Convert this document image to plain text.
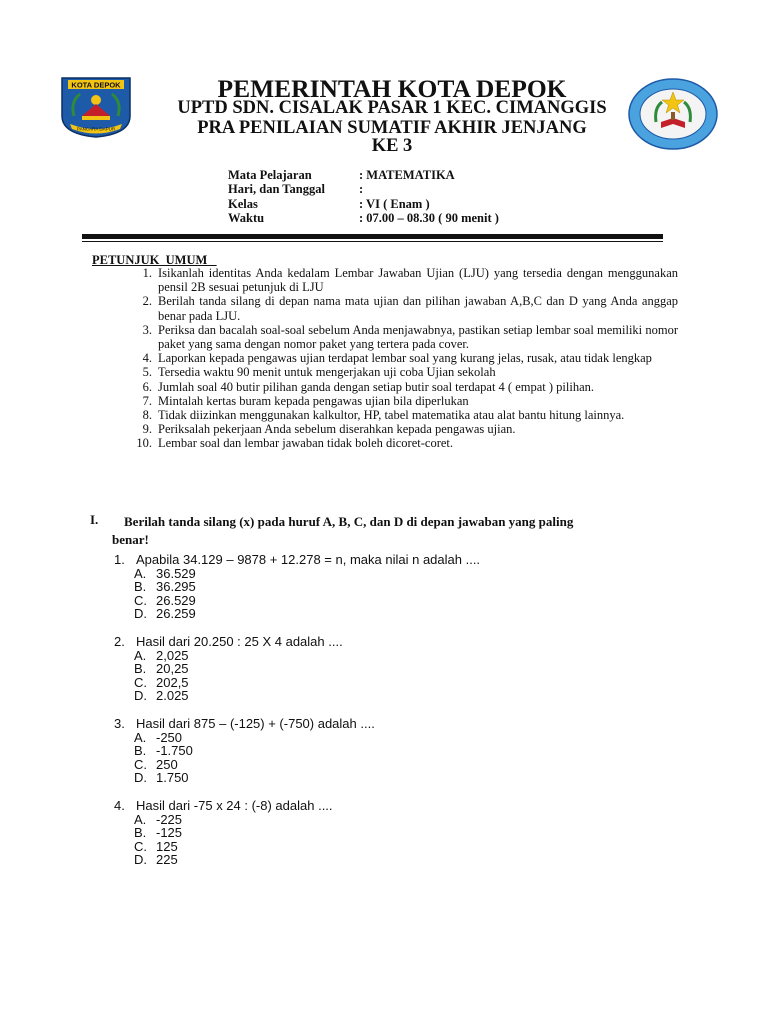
KOTA DEPOK
PANCARA DAPUR
PEMERINTAH KOTA DEPOK
UPTD SDN. CISALAK PASAR 1 KEC. CIMANGGIS
PRA PENILAIAN SUMATIF AKHIR JENJANG
KE 3
Mata Pelajaran	: MATEMATIKA
Hari, dan Tanggal	:
Kelas	: VI ( Enam )
Waktu	: 07.00 – 08.30 ( 90 menit )
PETUNJUK  UMUM
1. Isikanlah identitas Anda kedalam Lembar Jawaban Ujian (LJU) yang tersedia dengan menggunakan pensil 2B sesuai petunjuk di LJU
2. Berilah tanda silang di depan nama mata ujian dan pilihan jawaban A,B,C dan D yang Anda anggap benar pada LJU.
3. Periksa dan bacalah soal-soal sebelum Anda menjawabnya, pastikan setiap lembar soal memiliki nomor paket yang sama dengan nomor paket yang tertera pada cover.
4. Laporkan kepada pengawas ujian terdapat lembar soal yang kurang jelas, rusak, atau tidak lengkap
5. Tersedia waktu 90 menit untuk mengerjakan uji coba Ujian sekolah
6. Jumlah soal 40 butir pilihan ganda dengan setiap butir soal terdapat 4 ( empat ) pilihan.
7. Mintalah kertas buram kepada pengawas ujian bila diperlukan
8. Tidak diizinkan menggunakan kalkultor, HP, tabel matematika atau alat bantu hitung lainnya.
9. Periksalah pekerjaan Anda sebelum diserahkan kepada pengawas ujian.
10. Lembar soal dan lembar jawaban tidak boleh dicoret-coret.
I. Berilah tanda silang (x) pada huruf A, B, C, dan D di depan jawaban yang paling
benar!
1. Apabila 34.129 – 9878 + 12.278 = n, maka nilai n adalah ....
A. 36.529
B. 36.295
C. 26.529
D. 26.259
2. Hasil dari 20.250 : 25 X 4 adalah ....
A. 2,025
B. 20,25
C. 202,5
D. 2.025
3. Hasil dari 875 – (-125) + (-750) adalah ....
A. -250
B. -1.750
C. 250
D. 1.750
4. Hasil dari -75 x 24 : (-8) adalah ....
A. -225
B. -125
C. 125
D. 225
